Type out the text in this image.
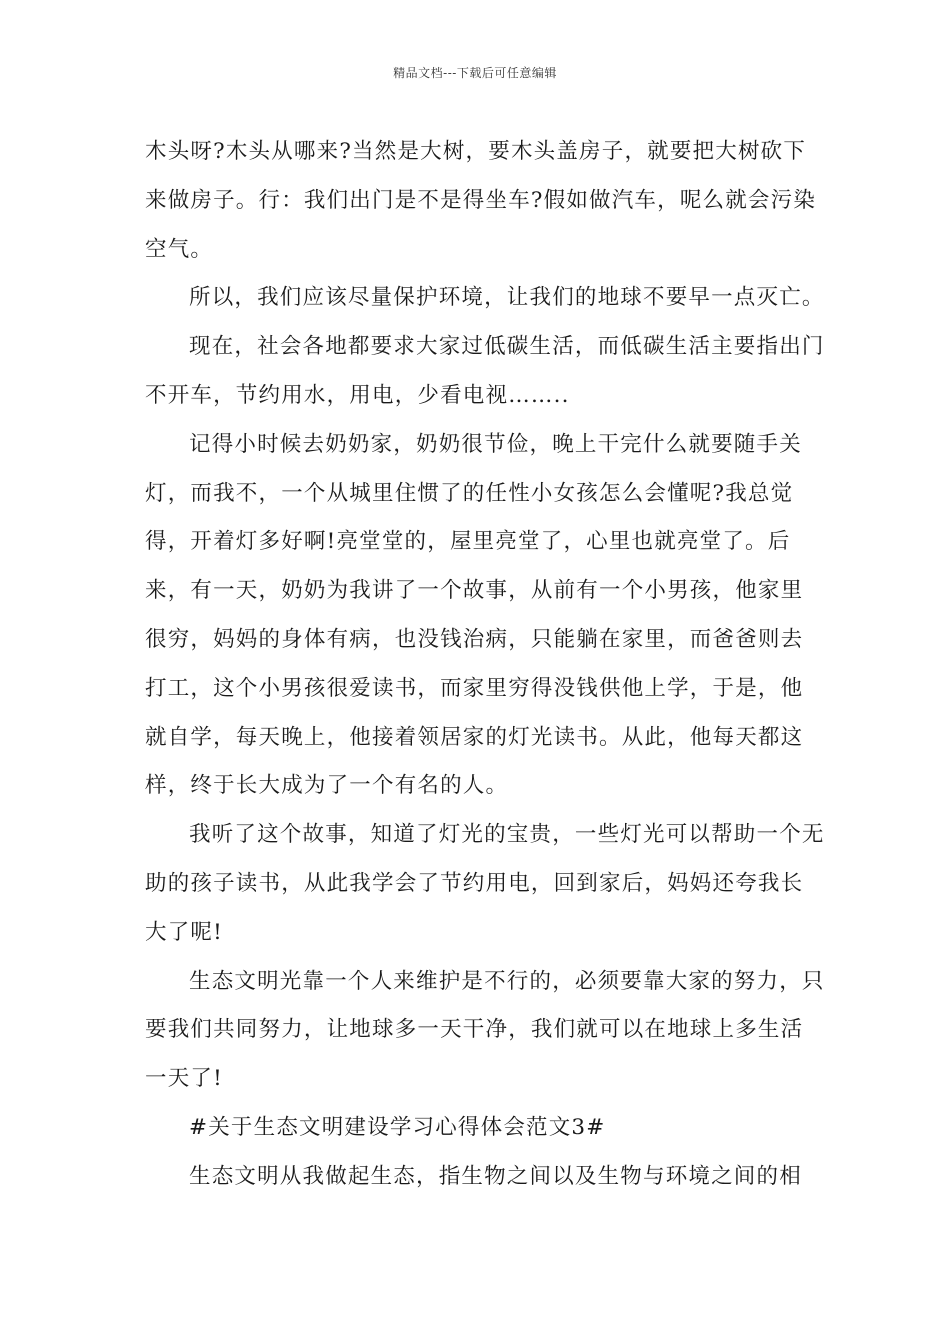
精品文档---下载后可任意编辑

木头呀?木头从哪来?当然是大树，要木头盖房子，就要把大树砍下来做房子。行：我们出门是不是得坐车?假如做汽车，呢么就会污染空气。

所以，我们应该尽量保护环境，让我们的地球不要早一点灭亡。

现在，社会各地都要求大家过低碳生活，而低碳生活主要指出门不开车，节约用水，用电，少看电视……..

记得小时候去奶奶家，奶奶很节俭，晚上干完什么就要随手关灯，而我不，一个从城里住惯了的任性小女孩怎么会懂呢?我总觉得，开着灯多好啊!亮堂堂的，屋里亮堂了，心里也就亮堂了。后来，有一天，奶奶为我讲了一个故事，从前有一个小男孩，他家里很穷，妈妈的身体有病，也没钱治病，只能躺在家里，而爸爸则去打工，这个小男孩很爱读书，而家里穷得没钱供他上学，于是，他就自学，每天晚上，他接着领居家的灯光读书。从此，他每天都这样，终于长大成为了一个有名的人。

我听了这个故事，知道了灯光的宝贵，一些灯光可以帮助一个无助的孩子读书，从此我学会了节约用电，回到家后，妈妈还夸我长大了呢!

生态文明光靠一个人来维护是不行的，必须要靠大家的努力，只要我们共同努力，让地球多一天干净，我们就可以在地球上多生活一天了!

#关于生态文明建设学习心得体会范文3#

生态文明从我做起生态，指生物之间以及生物与环境之间的相
